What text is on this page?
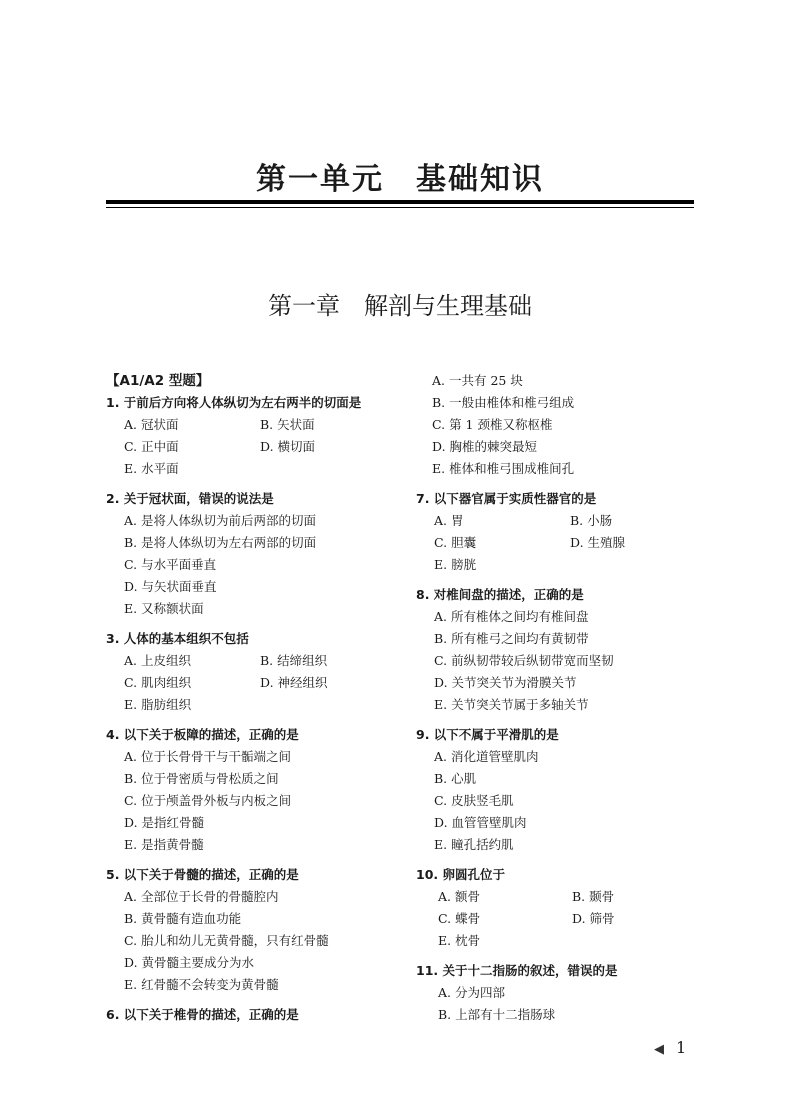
第一单元　基础知识
第一章　解剖与生理基础
【A1/A2 型题】
1. 于前后方向将人体纵切为左右两半的切面是
A. 冠状面	B. 矢状面
C. 正中面	D. 横切面
E. 水平面
2. 关于冠状面，错误的说法是
A. 是将人体纵切为前后两部的切面
B. 是将人体纵切为左右两部的切面
C. 与水平面垂直
D. 与矢状面垂直
E. 又称额状面
3. 人体的基本组织不包括
A. 上皮组织	B. 结缔组织
C. 肌肉组织	D. 神经组织
E. 脂肪组织
4. 以下关于板障的描述，正确的是
A. 位于长骨骨干与干骺端之间
B. 位于骨密质与骨松质之间
C. 位于颅盖骨外板与内板之间
D. 是指红骨髓
E. 是指黄骨髓
5. 以下关于骨髓的描述，正确的是
A. 全部位于长骨的骨髓腔内
B. 黄骨髓有造血功能
C. 胎儿和幼儿无黄骨髓，只有红骨髓
D. 黄骨髓主要成分为水
E. 红骨髓不会转变为黄骨髓
6. 以下关于椎骨的描述，正确的是
A. 一共有 25 块
B. 一般由椎体和椎弓组成
C. 第 1 颈椎又称枢椎
D. 胸椎的棘突最短
E. 椎体和椎弓围成椎间孔
7. 以下器官属于实质性器官的是
A. 胃	B. 小肠
C. 胆囊	D. 生殖腺
E. 膀胱
8. 对椎间盘的描述，正确的是
A. 所有椎体之间均有椎间盘
B. 所有椎弓之间均有黄韧带
C. 前纵韧带较后纵韧带宽而坚韧
D. 关节突关节为滑膜关节
E. 关节突关节属于多轴关节
9. 以下不属于平滑肌的是
A. 消化道管壁肌肉
B. 心肌
C. 皮肤竖毛肌
D. 血管管壁肌肉
E. 瞳孔括约肌
10. 卵圆孔位于
A. 额骨	B. 颞骨
C. 蝶骨	D. 筛骨
E. 枕骨
11. 关于十二指肠的叙述，错误的是
A. 分为四部
B. 上部有十二指肠球
◀ 1
